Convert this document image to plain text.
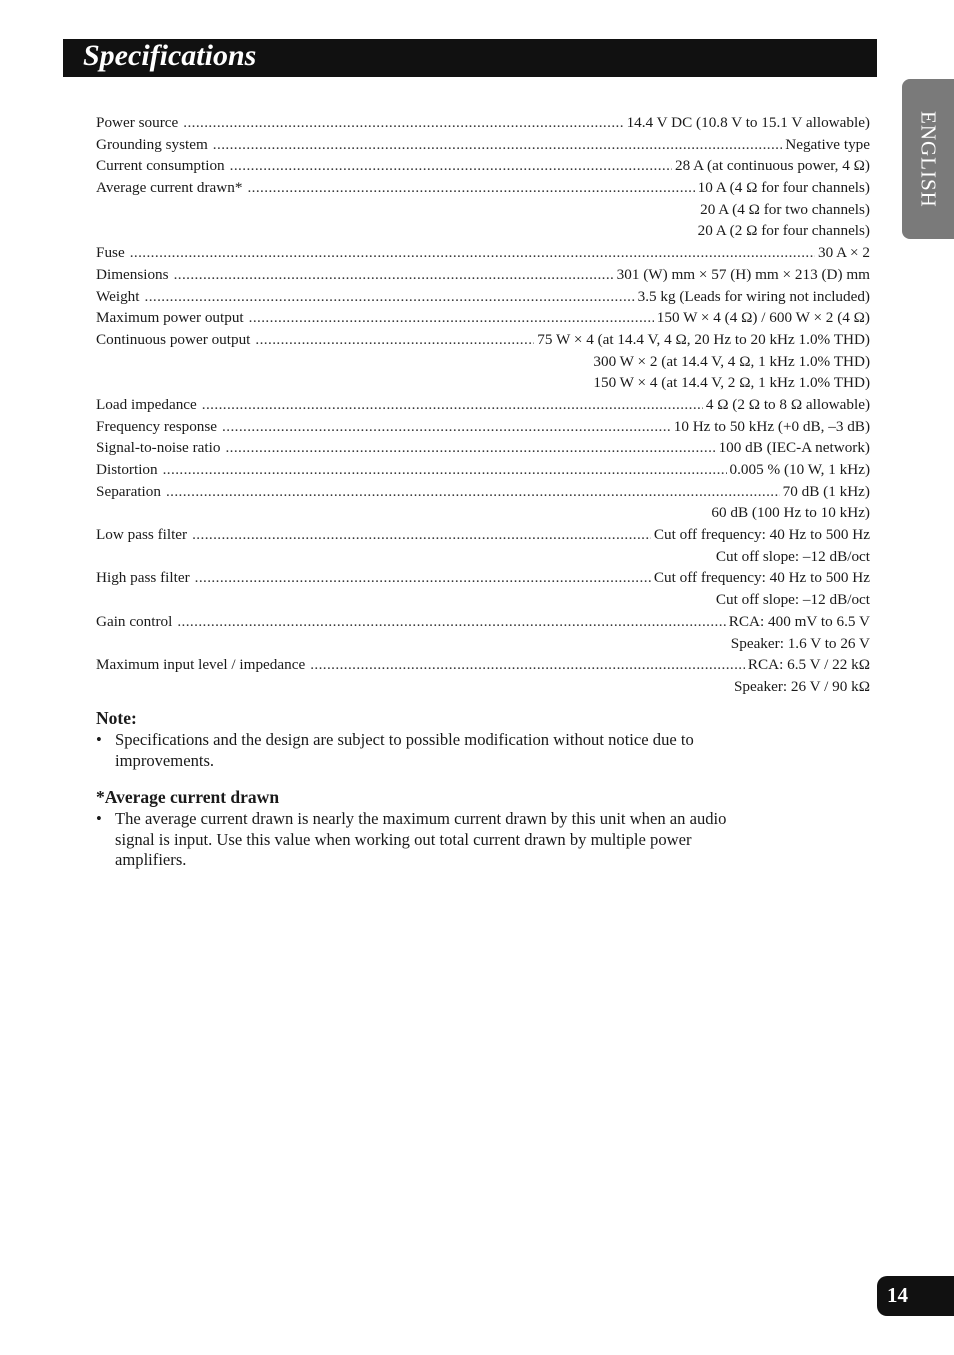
Specifications
ENGLISH
Power source .....	14.4 V DC (10.8 V to 15.1 V allowable)
Grounding system .....	Negative type
Current consumption .....	28 A (at continuous power, 4 Ω)
Average current drawn* .....	10 A (4 Ω for four channels)
20 A (4 Ω for two channels)
20 A (2 Ω for four channels)
Fuse .....	30 A × 2
Dimensions .....	301 (W) mm × 57 (H) mm × 213 (D) mm
Weight .....	3.5 kg (Leads for wiring not included)
Maximum power output .....	150 W × 4 (4 Ω) / 600 W × 2 (4 Ω)
Continuous power output .....	75 W × 4 (at 14.4 V, 4 Ω, 20 Hz to 20 kHz 1.0% THD)
300 W × 2 (at 14.4 V, 4 Ω, 1 kHz 1.0% THD)
150 W × 4 (at 14.4 V, 2 Ω, 1 kHz 1.0% THD)
Load impedance .....	4 Ω (2 Ω to 8 Ω allowable)
Frequency response .....	10 Hz to 50 kHz (+0 dB, –3 dB)
Signal-to-noise ratio .....	100 dB (IEC-A network)
Distortion .....	0.005 % (10 W, 1 kHz)
Separation .....	70 dB (1 kHz)
60 dB (100 Hz to 10 kHz)
Low pass filter .....	Cut off frequency: 40 Hz to 500 Hz
Cut off slope: –12 dB/oct
High pass filter .....	Cut off frequency: 40 Hz to 500 Hz
Cut off slope: –12 dB/oct
Gain control .....	RCA: 400 mV to 6.5 V
Speaker: 1.6 V to 26 V
Maximum input level / impedance .....	RCA: 6.5 V / 22 kΩ
Speaker: 26 V / 90 kΩ
Note:
• Specifications and the design are subject to possible modification without notice due to improvements.
*Average current drawn
• The average current drawn is nearly the maximum current drawn by this unit when an audio signal is input. Use this value when working out total current drawn by multiple power amplifiers.
14
